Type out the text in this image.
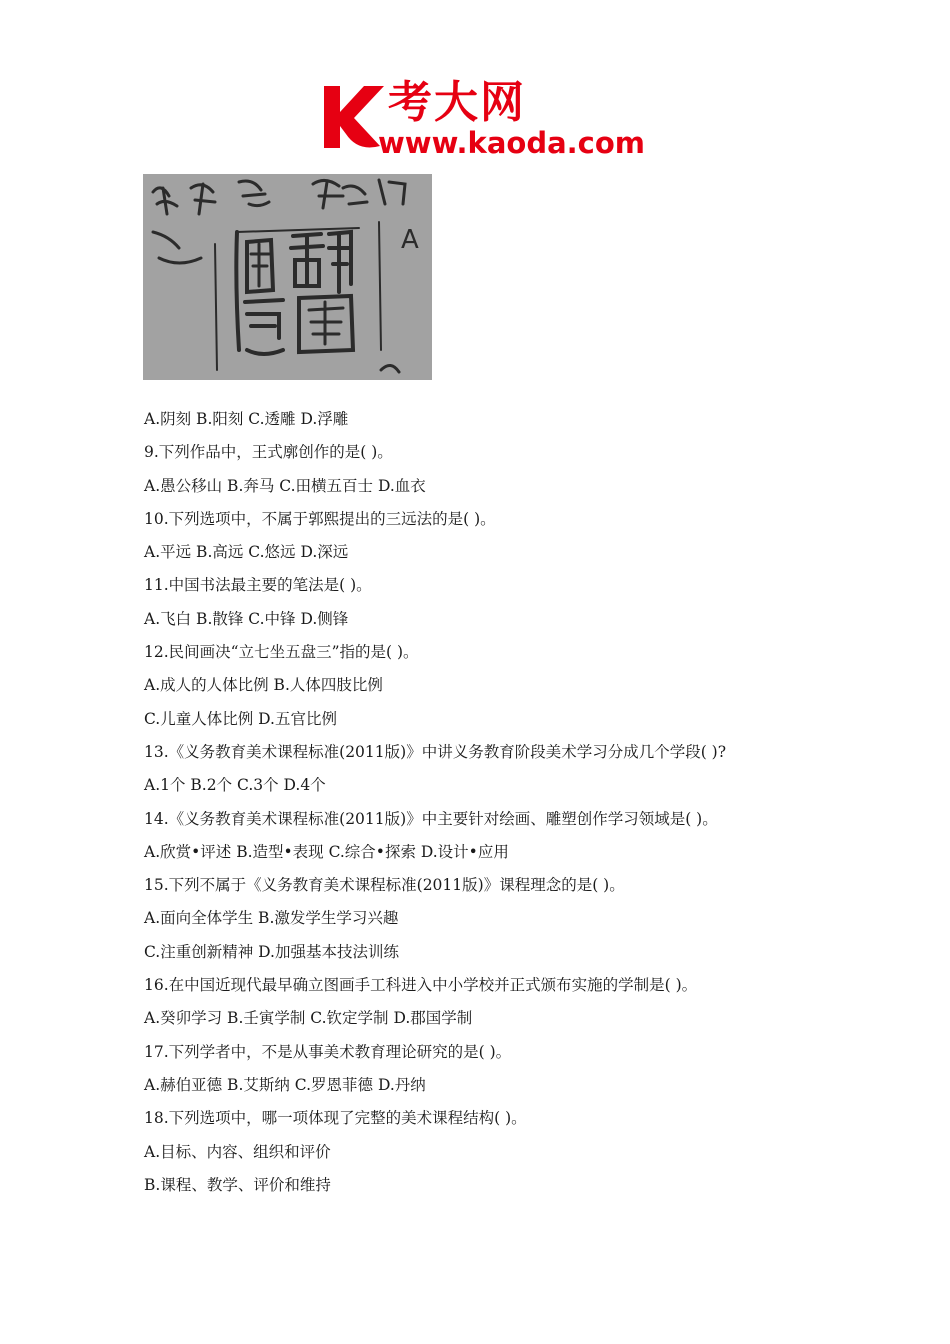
考大网
www.kaoda.com
A
A.阴刻 B.阳刻 C.透雕 D.浮雕
9.下列作品中，王式廓创作的是( )。
A.愚公移山 B.奔马 C.田横五百士 D.血衣
10.下列选项中，不属于郭熙提出的三远法的是( )。
A.平远 B.高远 C.悠远 D.深远
11.中国书法最主要的笔法是( )。
A.飞白 B.散锋 C.中锋 D.侧锋
12.民间画决“立七坐五盘三”指的是( )。
A.成人的人体比例 B.人体四肢比例
C.儿童人体比例 D.五官比例
13.《义务教育美术课程标准(2011版)》中讲义务教育阶段美术学习分成几个学段( )?
A.1个 B.2个 C.3个 D.4个
14.《义务教育美术课程标准(2011版)》中主要针对绘画、雕塑创作学习领域是( )。
A.欣赏•评述 B.造型•表现 C.综合•探索 D.设计•应用
15.下列不属于《义务教育美术课程标准(2011版)》课程理念的是( )。
A.面向全体学生 B.激发学生学习兴趣
C.注重创新精神 D.加强基本技法训练
16.在中国近现代最早确立图画手工科进入中小学校并正式颁布实施的学制是( )。
A.癸卯学习 B.壬寅学制 C.钦定学制 D.郡国学制
17.下列学者中，不是从事美术教育理论研究的是( )。
A.赫伯亚德 B.艾斯纳 C.罗恩菲德 D.丹纳
18.下列选项中，哪一项体现了完整的美术课程结构( )。
A.目标、内容、组织和评价
B.课程、教学、评价和维持
